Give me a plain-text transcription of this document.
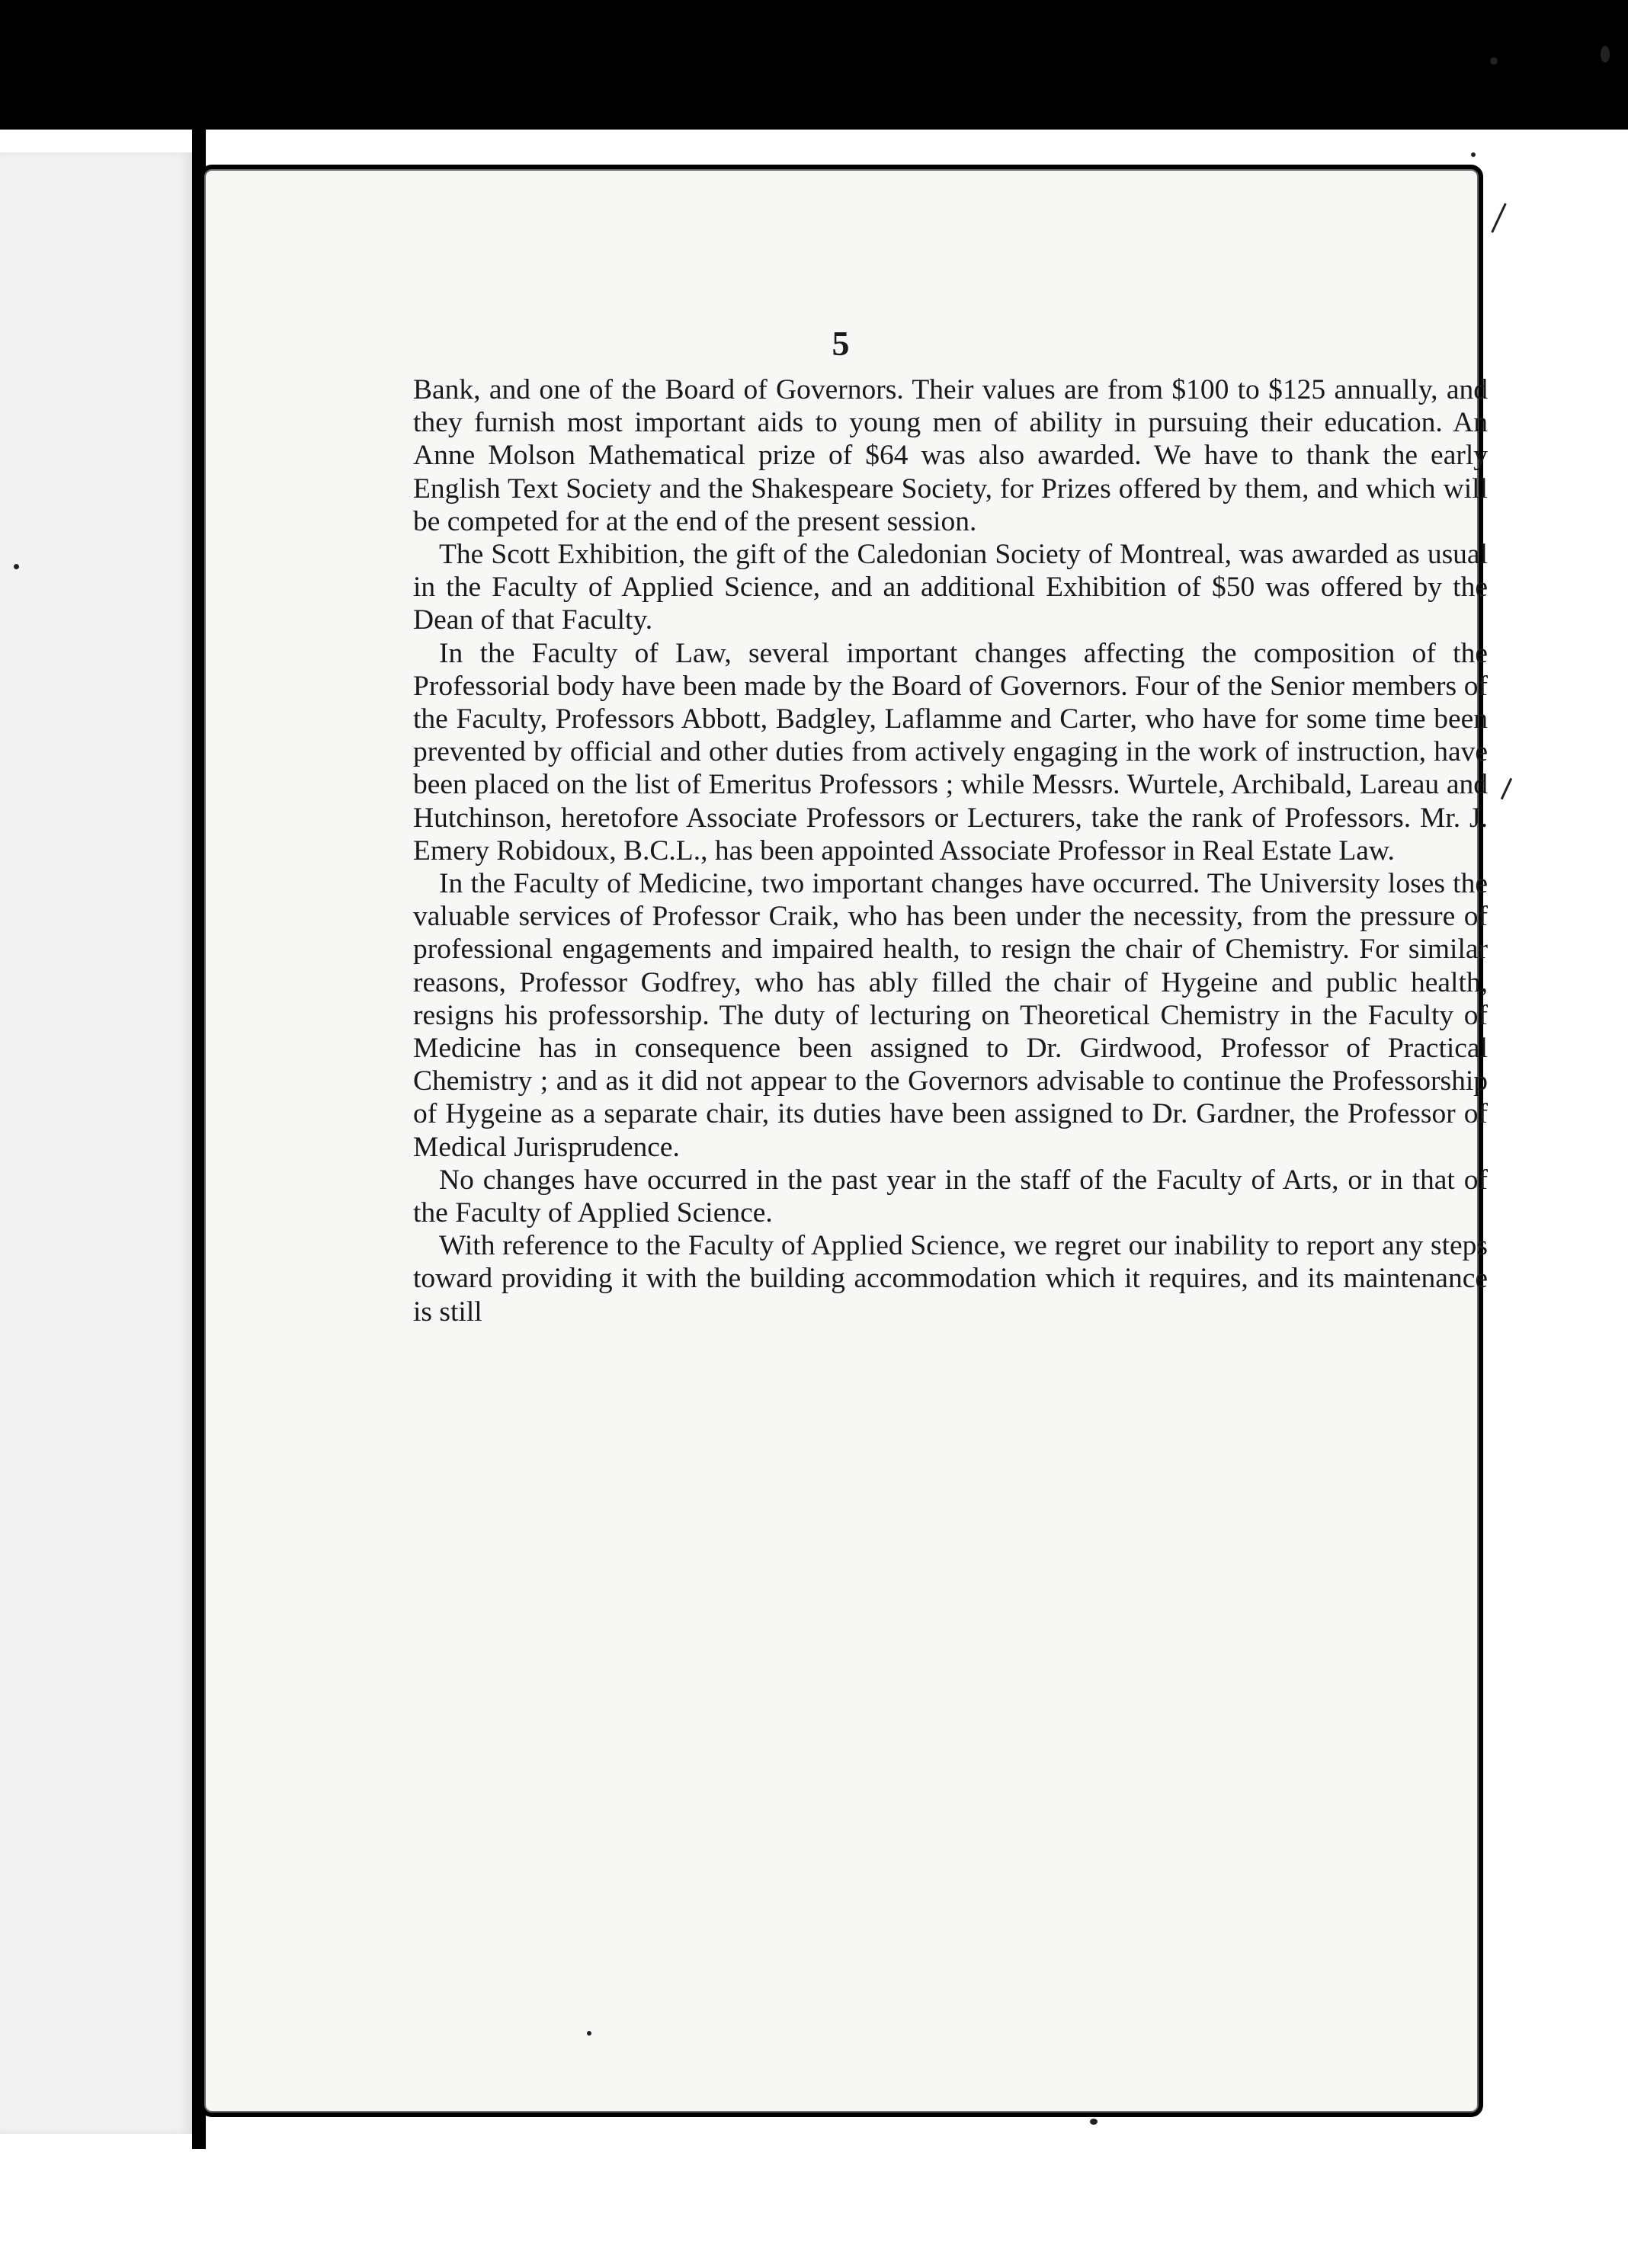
5

Bank, and one of the Board of Governors. Their values are from $100 to $125 annually, and they furnish most important aids to young men of ability in pursuing their education. An Anne Molson Mathematical prize of $64 was also awarded. We have to thank the early English Text Society and the Shakespeare Society, for Prizes offered by them, and which will be competed for at the end of the present session.

The Scott Exhibition, the gift of the Caledonian Society of Montreal, was awarded as usual in the Faculty of Applied Science, and an additional Exhibition of $50 was offered by the Dean of that Faculty.

In the Faculty of Law, several important changes affecting the composition of the Professorial body have been made by the Board of Governors. Four of the Senior members of the Faculty, Professors Abbott, Badgley, Laflamme and Carter, who have for some time been prevented by official and other duties from actively engaging in the work of instruction, have been placed on the list of Emeritus Professors ; while Messrs. Wurtele, Archibald, Lareau and Hutchinson, heretofore Associate Professors or Lecturers, take the rank of Professors. Mr. J. Emery Robidoux, B.C.L., has been appointed Associate Professor in Real Estate Law.

In the Faculty of Medicine, two important changes have occurred. The University loses the valuable services of Professor Craik, who has been under the necessity, from the pressure of professional engagements and impaired health, to resign the chair of Chemistry. For similar reasons, Professor Godfrey, who has ably filled the chair of Hygeine and public health, resigns his professorship. The duty of lecturing on Theoretical Chemistry in the Faculty of Medicine has in consequence been assigned to Dr. Girdwood, Professor of Practical Chemistry ; and as it did not appear to the Governors advisable to continue the Professorship of Hygeine as a separate chair, its duties have been assigned to Dr. Gardner, the Professor of Medical Jurisprudence.

No changes have occurred in the past year in the staff of the Faculty of Arts, or in that of the Faculty of Applied Science.

With reference to the Faculty of Applied Science, we regret our inability to report any steps toward providing it with the building accommodation which it requires, and its maintenance is still
